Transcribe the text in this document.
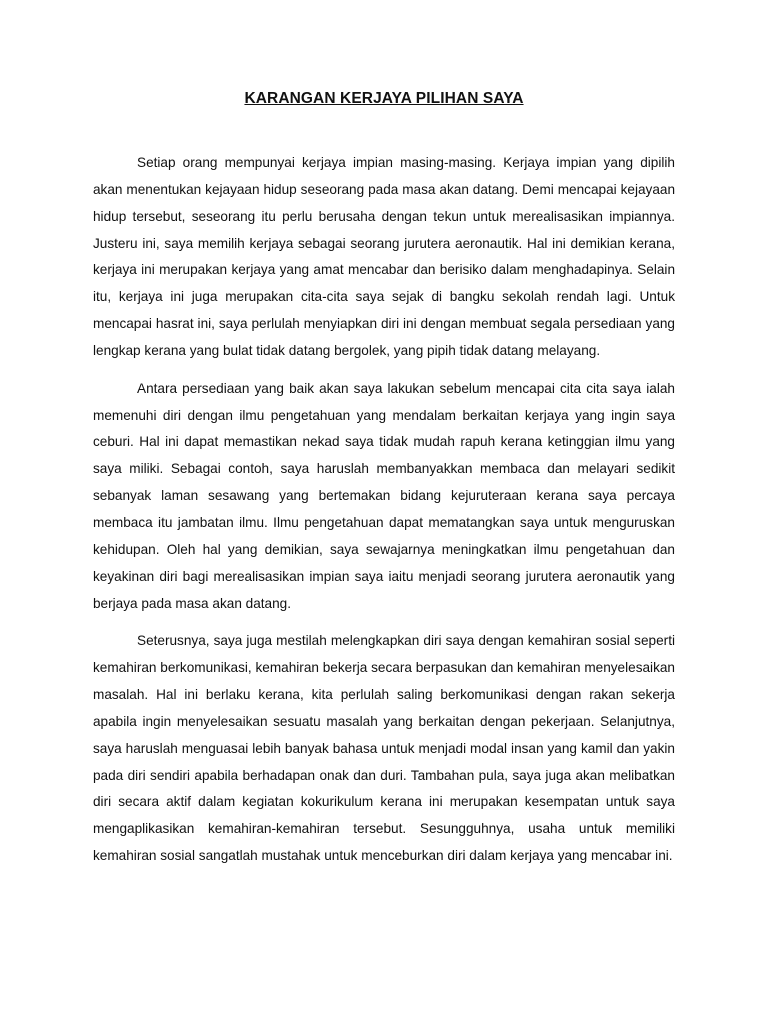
KARANGAN KERJAYA PILIHAN SAYA

Setiap orang mempunyai kerjaya impian masing-masing. Kerjaya impian yang dipilih akan menentukan kejayaan hidup seseorang pada masa akan datang. Demi mencapai kejayaan hidup tersebut, seseorang itu perlu berusaha dengan tekun untuk merealisasikan impiannya. Justeru ini, saya memilih kerjaya sebagai seorang jurutera aeronautik. Hal ini demikian kerana, kerjaya ini merupakan kerjaya yang amat mencabar dan berisiko dalam menghadapinya. Selain itu, kerjaya ini juga merupakan cita-cita saya sejak di bangku sekolah rendah lagi. Untuk mencapai hasrat ini, saya perlulah menyiapkan diri ini dengan membuat segala persediaan yang lengkap kerana yang bulat tidak datang bergolek, yang pipih tidak datang melayang.

Antara persediaan yang baik akan saya lakukan sebelum mencapai cita cita saya ialah memenuhi diri dengan ilmu pengetahuan yang mendalam berkaitan kerjaya yang ingin saya ceburi. Hal ini dapat memastikan nekad saya tidak mudah rapuh kerana ketinggian ilmu yang saya miliki. Sebagai contoh, saya haruslah membanyakkan membaca dan melayari sedikit sebanyak laman sesawang yang bertemakan bidang kejuruteraan kerana saya percaya membaca itu jambatan ilmu. Ilmu pengetahuan dapat mematangkan saya untuk menguruskan kehidupan. Oleh hal yang demikian, saya sewajarnya meningkatkan ilmu pengetahuan dan keyakinan diri bagi merealisasikan impian saya iaitu menjadi seorang jurutera aeronautik yang berjaya pada masa akan datang.

Seterusnya, saya juga mestilah melengkapkan diri saya dengan kemahiran sosial seperti kemahiran berkomunikasi, kemahiran bekerja secara berpasukan dan kemahiran menyelesaikan masalah. Hal ini berlaku kerana, kita perlulah saling berkomunikasi dengan rakan sekerja apabila ingin menyelesaikan sesuatu masalah yang berkaitan dengan pekerjaan. Selanjutnya, saya haruslah menguasai lebih banyak bahasa untuk menjadi modal insan yang kamil dan yakin pada diri sendiri apabila berhadapan onak dan duri. Tambahan pula, saya juga akan melibatkan diri secara aktif dalam kegiatan kokurikulum kerana ini merupakan kesempatan untuk saya mengaplikasikan kemahiran-kemahiran tersebut. Sesungguhnya, usaha untuk memiliki kemahiran sosial sangatlah mustahak untuk menceburkan diri dalam kerjaya yang mencabar ini.
